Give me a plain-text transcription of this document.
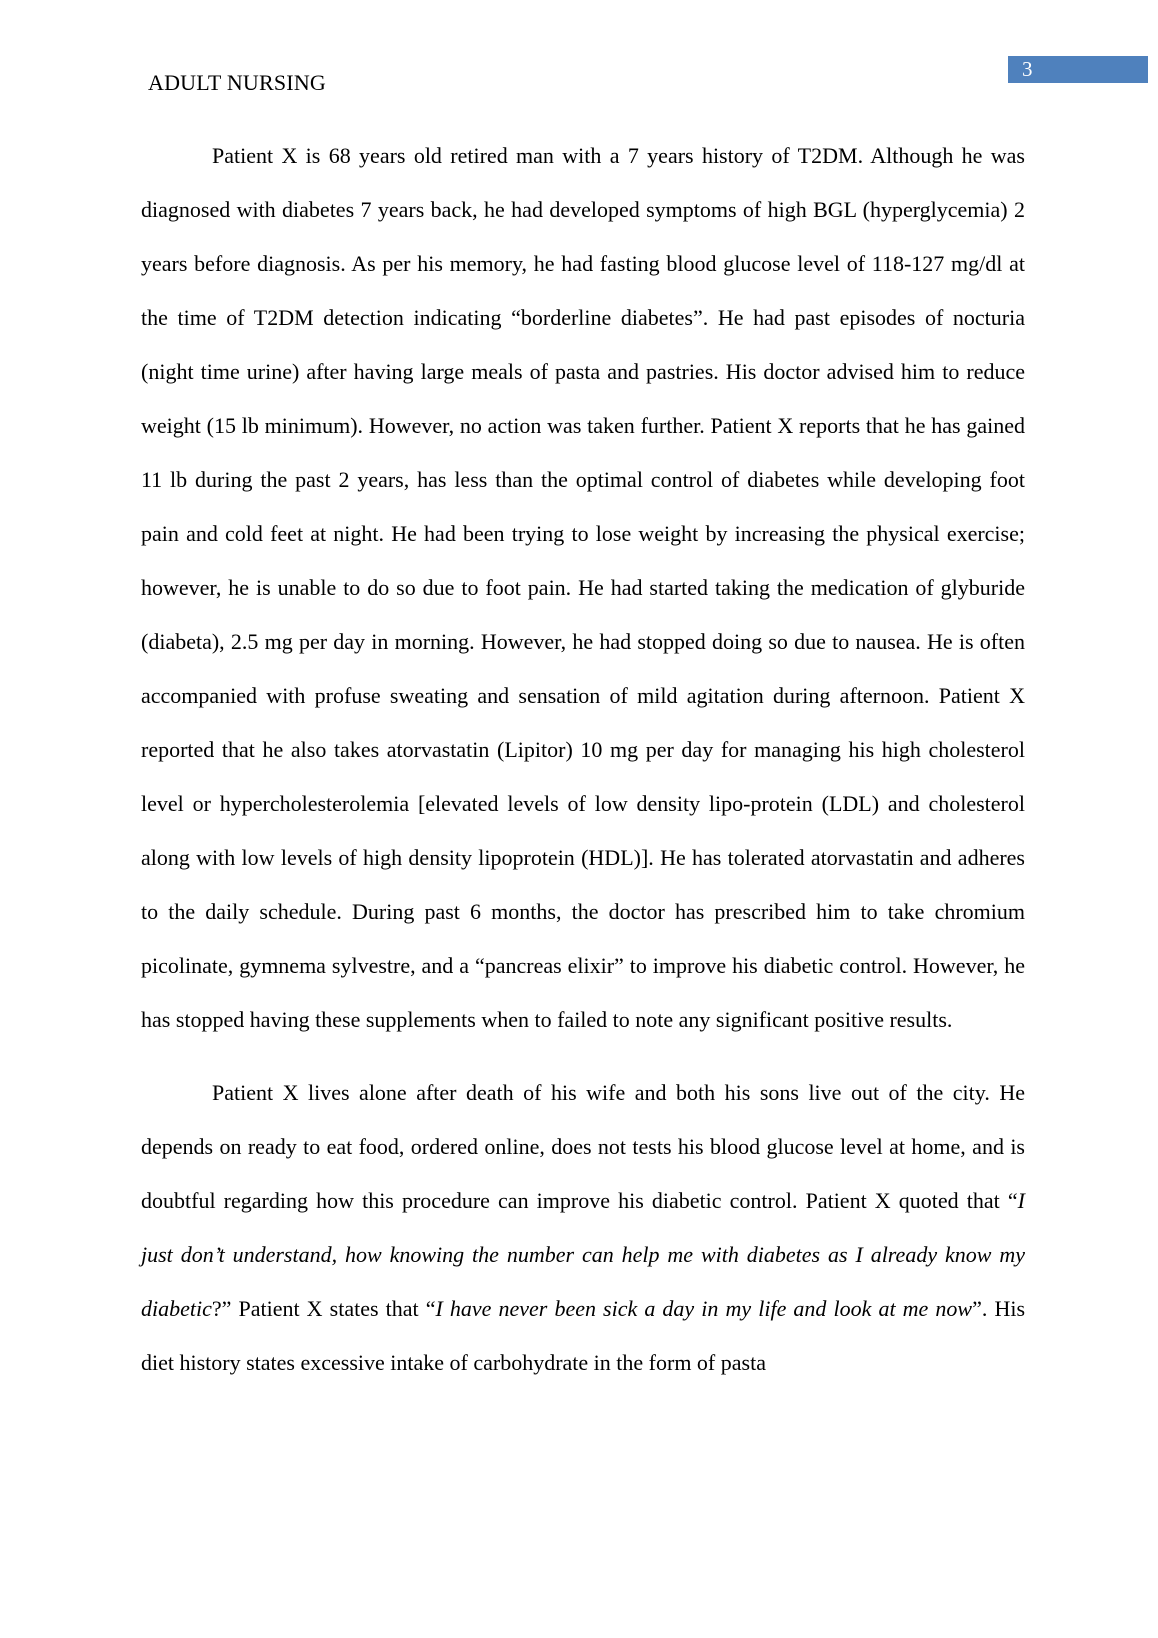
ADULT NURSING
3

Patient X is 68 years old retired man with a 7 years history of T2DM. Although he was diagnosed with diabetes 7 years back, he had developed symptoms of high BGL (hyperglycemia) 2 years before diagnosis. As per his memory, he had fasting blood glucose level of 118-127 mg/dl at the time of T2DM detection indicating “borderline diabetes”. He had past episodes of nocturia (night time urine) after having large meals of pasta and pastries. His doctor advised him to reduce weight (15 lb minimum). However, no action was taken further. Patient X reports that he has gained 11 lb during the past 2 years, has less than the optimal control of diabetes while developing foot pain and cold feet at night. He had been trying to lose weight by increasing the physical exercise; however, he is unable to do so due to foot pain. He had started taking the medication of glyburide (diabeta), 2.5 mg per day in morning. However, he had stopped doing so due to nausea. He is often accompanied with profuse sweating and sensation of mild agitation during afternoon. Patient X reported that he also takes atorvastatin (Lipitor) 10 mg per day for managing his high cholesterol level or hypercholesterolemia [elevated levels of low density lipo-protein (LDL) and cholesterol along with low levels of high density lipoprotein (HDL)]. He has tolerated atorvastatin and adheres to the daily schedule. During past 6 months, the doctor has prescribed him to take chromium picolinate, gymnema sylvestre, and a “pancreas elixir” to improve his diabetic control. However, he has stopped having these supplements when to failed to note any significant positive results.

Patient X lives alone after death of his wife and both his sons live out of the city. He depends on ready to eat food, ordered online, does not tests his blood glucose level at home, and is doubtful regarding how this procedure can improve his diabetic control. Patient X quoted that “I just don’t understand, how knowing the number can help me with diabetes as I already know my diabetic?” Patient X states that “I have never been sick a day in my life and look at me now”. His diet history states excessive intake of carbohydrate in the form of pasta
